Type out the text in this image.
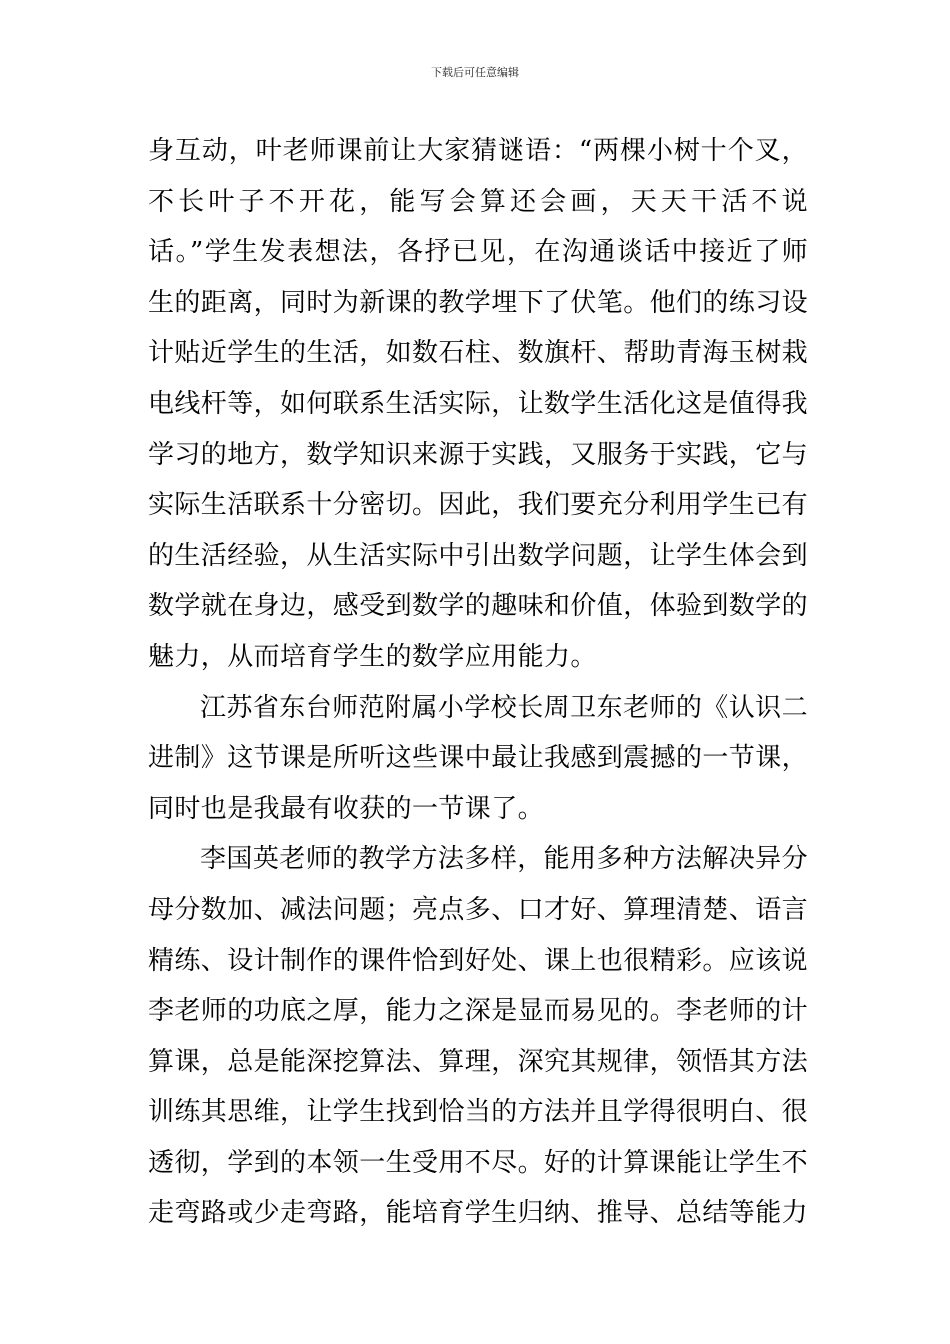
下载后可任意编辑

身互动，叶老师课前让大家猜谜语：“两棵小树十个叉，不长叶子不开花，能写会算还会画，天天干活不说话。”学生发表想法，各抒已见，在沟通谈话中接近了师生的距离，同时为新课的教学埋下了伏笔。他们的练习设计贴近学生的生活，如数石柱、数旗杆、帮助青海玉树栽电线杆等，如何联系生活实际，让数学生活化这是值得我学习的地方，数学知识来源于实践，又服务于实践，它与实际生活联系十分密切。因此，我们要充分利用学生已有的生活经验，从生活实际中引出数学问题，让学生体会到数学就在身边，感受到数学的趣味和价值，体验到数学的魅力，从而培育学生的数学应用能力。

江苏省东台师范附属小学校长周卫东老师的《认识二进制》这节课是所听这些课中最让我感到震撼的一节课，同时也是我最有收获的一节课了。

李国英老师的教学方法多样，能用多种方法解决异分母分数加、减法问题；亮点多、口才好、算理清楚、语言精练、设计制作的课件恰到好处、课上也很精彩。应该说李老师的功底之厚，能力之深是显而易见的。李老师的计算课，总是能深挖算法、算理，深究其规律，领悟其方法训练其思维，让学生找到恰当的方法并且学得很明白、很透彻，学到的本领一生受用不尽。好的计算课能让学生不走弯路或少走弯路，能培育学生归纳、推导、总结等能力
